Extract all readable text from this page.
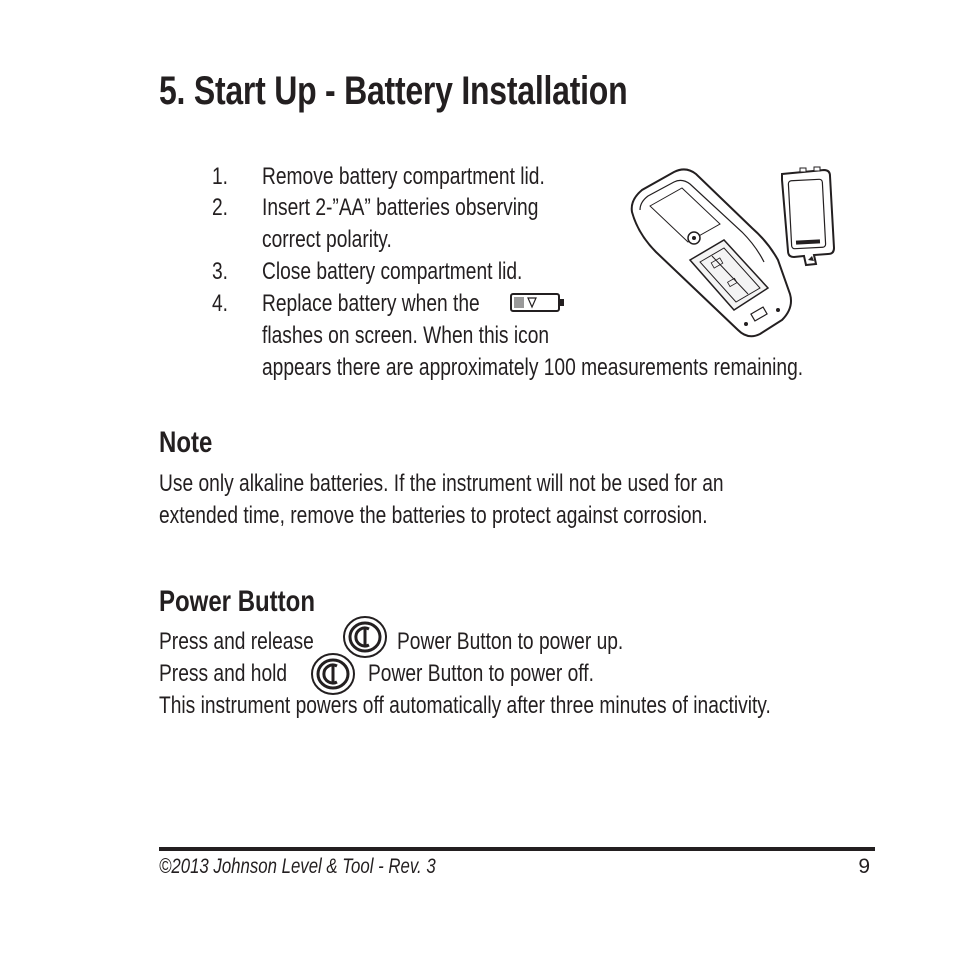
5. Start Up - Battery Installation
1. Remove battery compartment lid.
2. Insert 2-”AA” batteries observing
correct polarity.
3. Close battery compartment lid.
4. Replace battery when the
flashes on screen. When this icon
appears there are approximately 100 measurements remaining.
Note
Use only alkaline batteries. If the instrument will not be used for an
extended time, remove the batteries to protect against corrosion.
Power Button
Press and release	Power Button to power up.
Press and hold	Power Button to power off.
This instrument powers off automatically after three minutes of inactivity.
©2013 Johnson Level & Tool - Rev. 3	9
